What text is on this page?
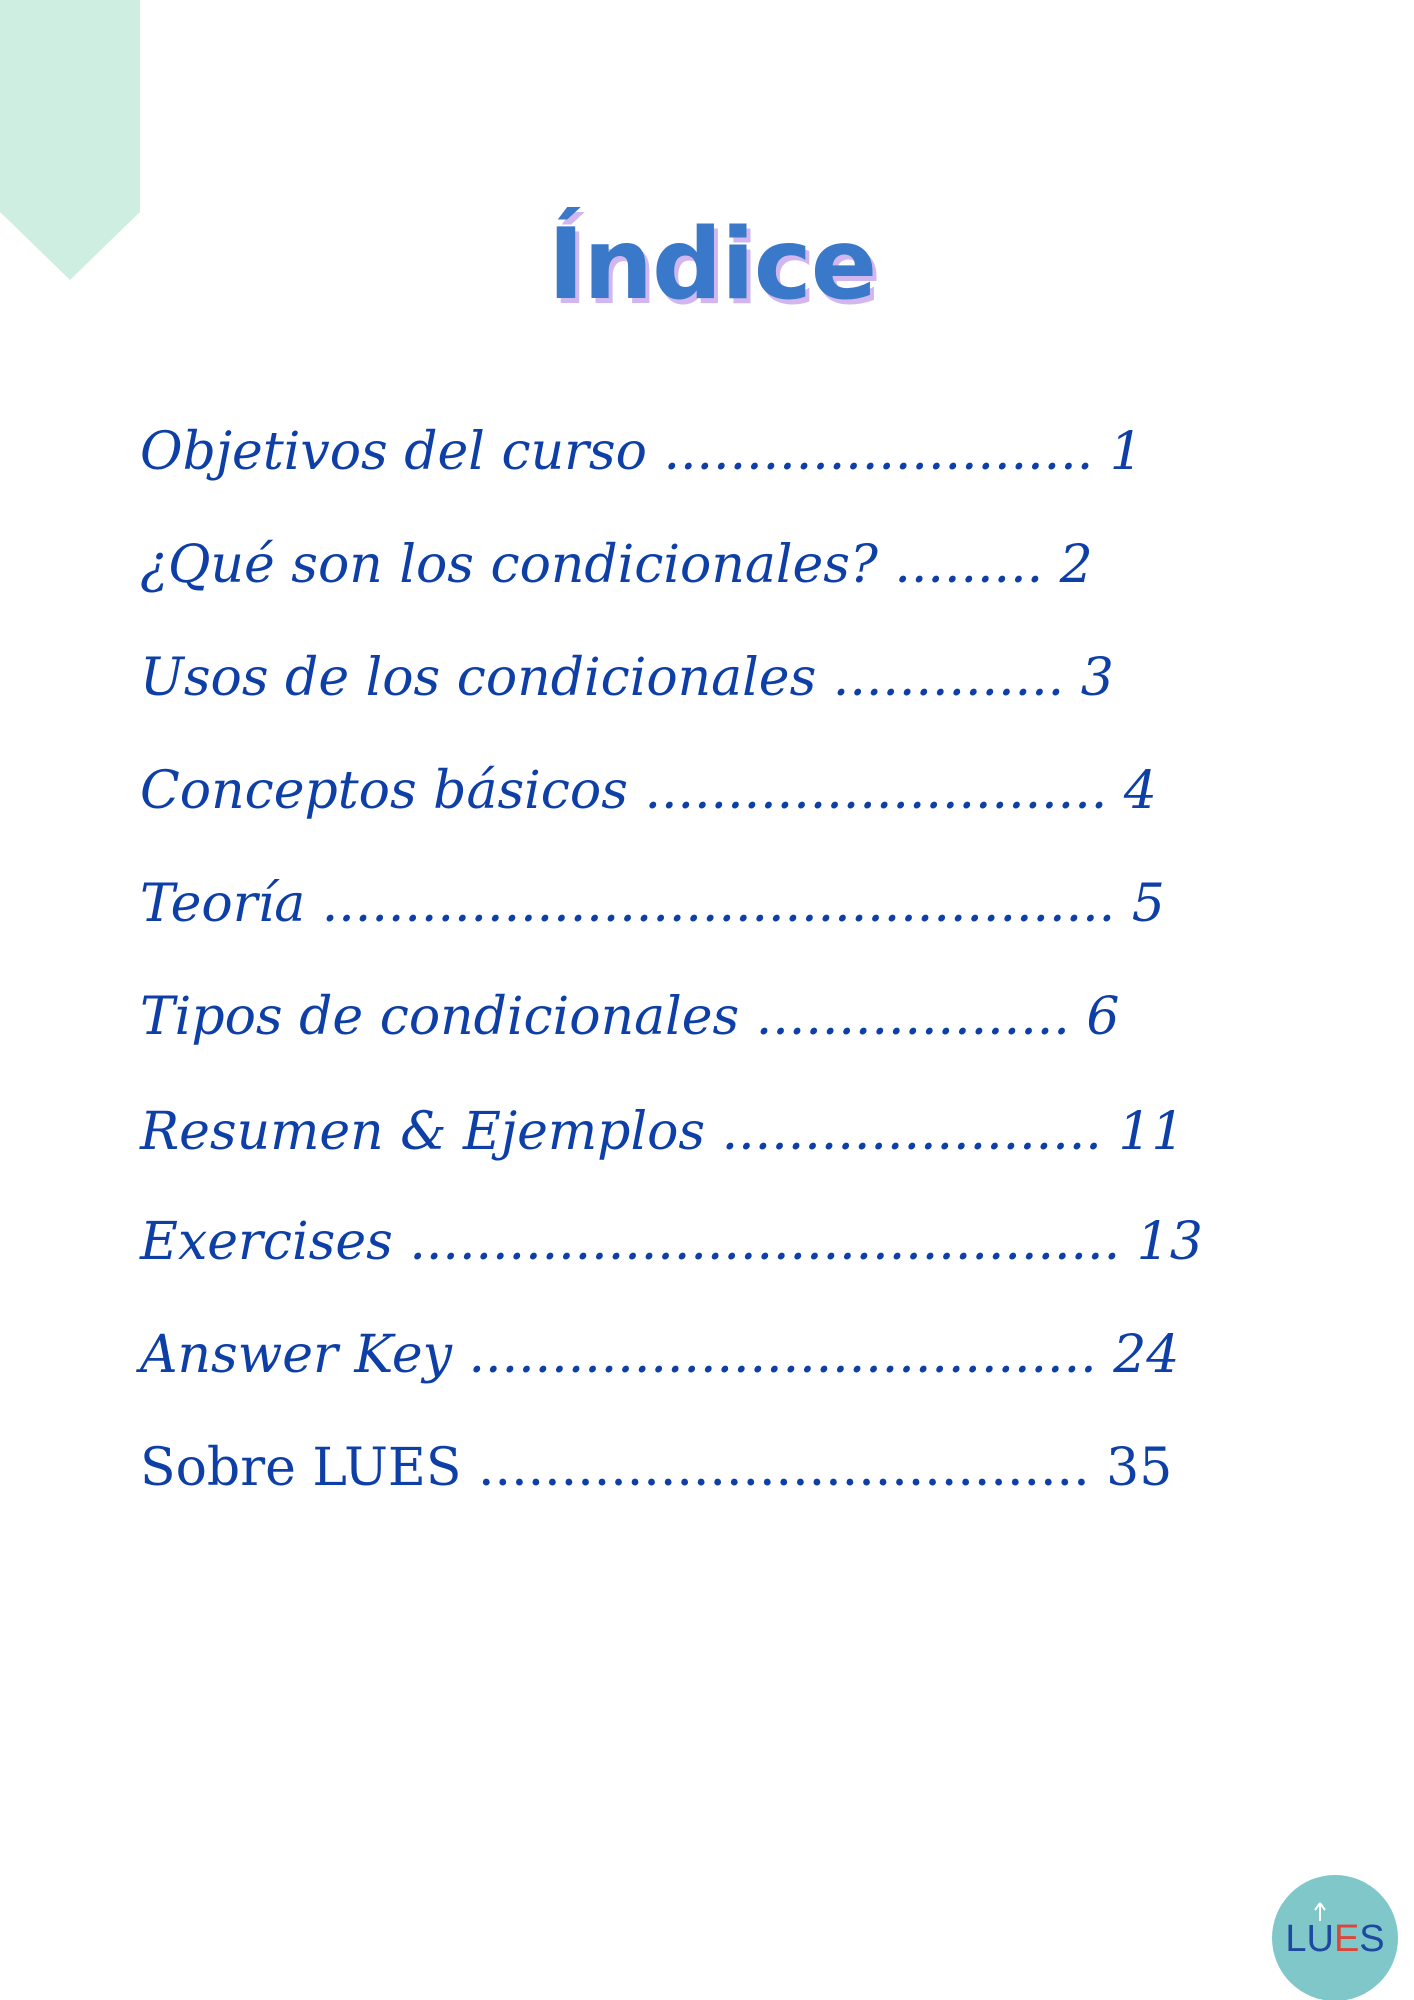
Índice
Objetivos del curso .......................... 1
¿Qué son los condicionales? ......... 2
Usos de los condicionales .............. 3
Conceptos básicos ............................ 4
Teoría ................................................ 5
Tipos de condicionales ................... 6
Resumen & Ejemplos ....................... 11
Exercises ........................................... 13
Answer Key ...................................... 24
Sobre LUES ..................................... 35
L
UES
